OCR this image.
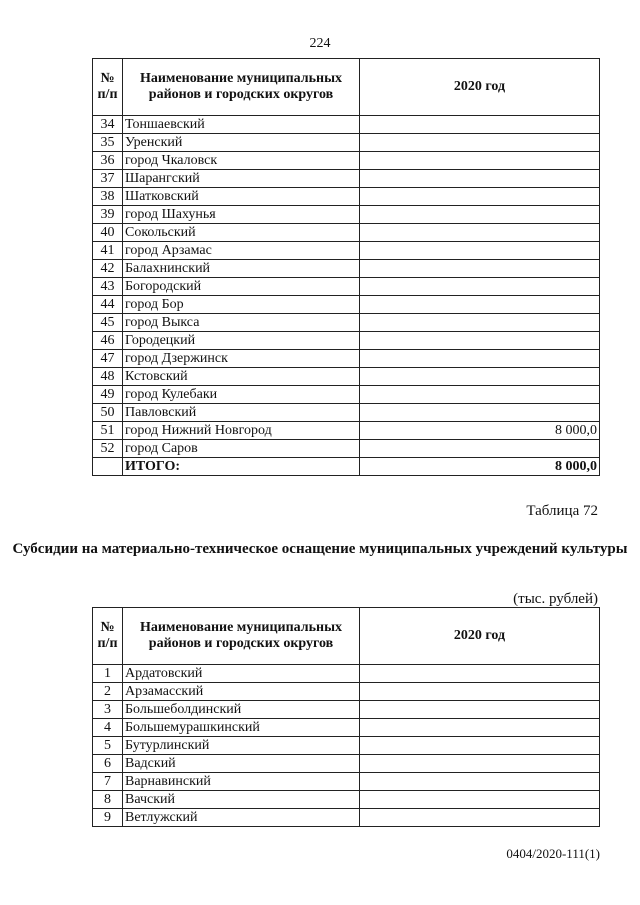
224
№ п/п	Наименование муниципальных районов и городских округов	2020 год
34	Тоншаевский	
35	Уренский	
36	город Чкаловск	
37	Шарангский	
38	Шатковский	
39	город Шахунья	
40	Сокольский	
41	город Арзамас	
42	Балахнинский	
43	Богородский	
44	город Бор	
45	город Выкса	
46	Городецкий	
47	город Дзержинск	
48	Кстовский	
49	город Кулебаки	
50	Павловский	
51	город Нижний Новгород	8 000,0
52	город Саров	
	ИТОГО:	8 000,0
Таблица 72
Субсидии на материально-техническое оснащение муниципальных учреждений культуры
(тыс. рублей)
№ п/п	Наименование муниципальных районов и городских округов	2020 год
1	Ардатовский	
2	Арзамасский	
3	Большеболдинский	
4	Большемурашкинский	
5	Бутурлинский	
6	Вадский	
7	Варнавинский	
8	Вачский	
9	Ветлужский	
0404/2020-111(1)
